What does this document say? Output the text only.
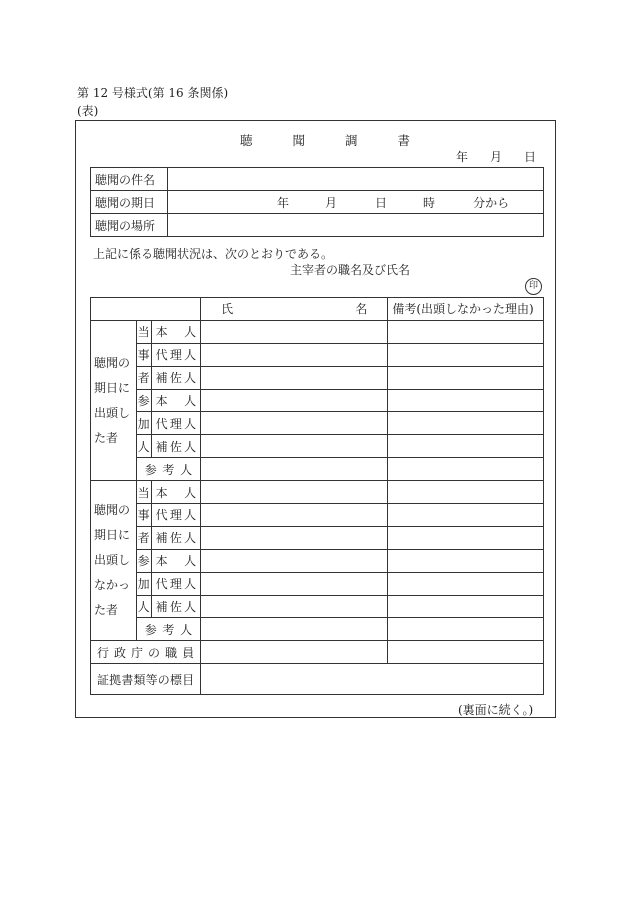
第 12 号様式(第 16 条関係)
(表)
聴	聞	調	書
年 月 日
聴聞の件名	
聴聞の期日	年 月 日 時 分から
聴聞の場所	
上記に係る聴聞状況は、次のとおりである。
主宰者の職名及び氏名
印

			氏 名	備考(出頭しなかった理由)

聴聞の
期日に
出頭し
た者	当	本　人		
	事	代理人		
	者	補佐人		
	参	本　人		
	加	代理人		
	人	補佐人		
	参考人			

聴聞の
期日に
出頭し
なかっ
た者	当	本　人		
	事	代理人		
	者	補佐人		
	参	本　人		
	加	代理人		
	人	補佐人		
	参考人			
行政庁の職員				
証拠書類等の標目				
(裏面に続く。)
